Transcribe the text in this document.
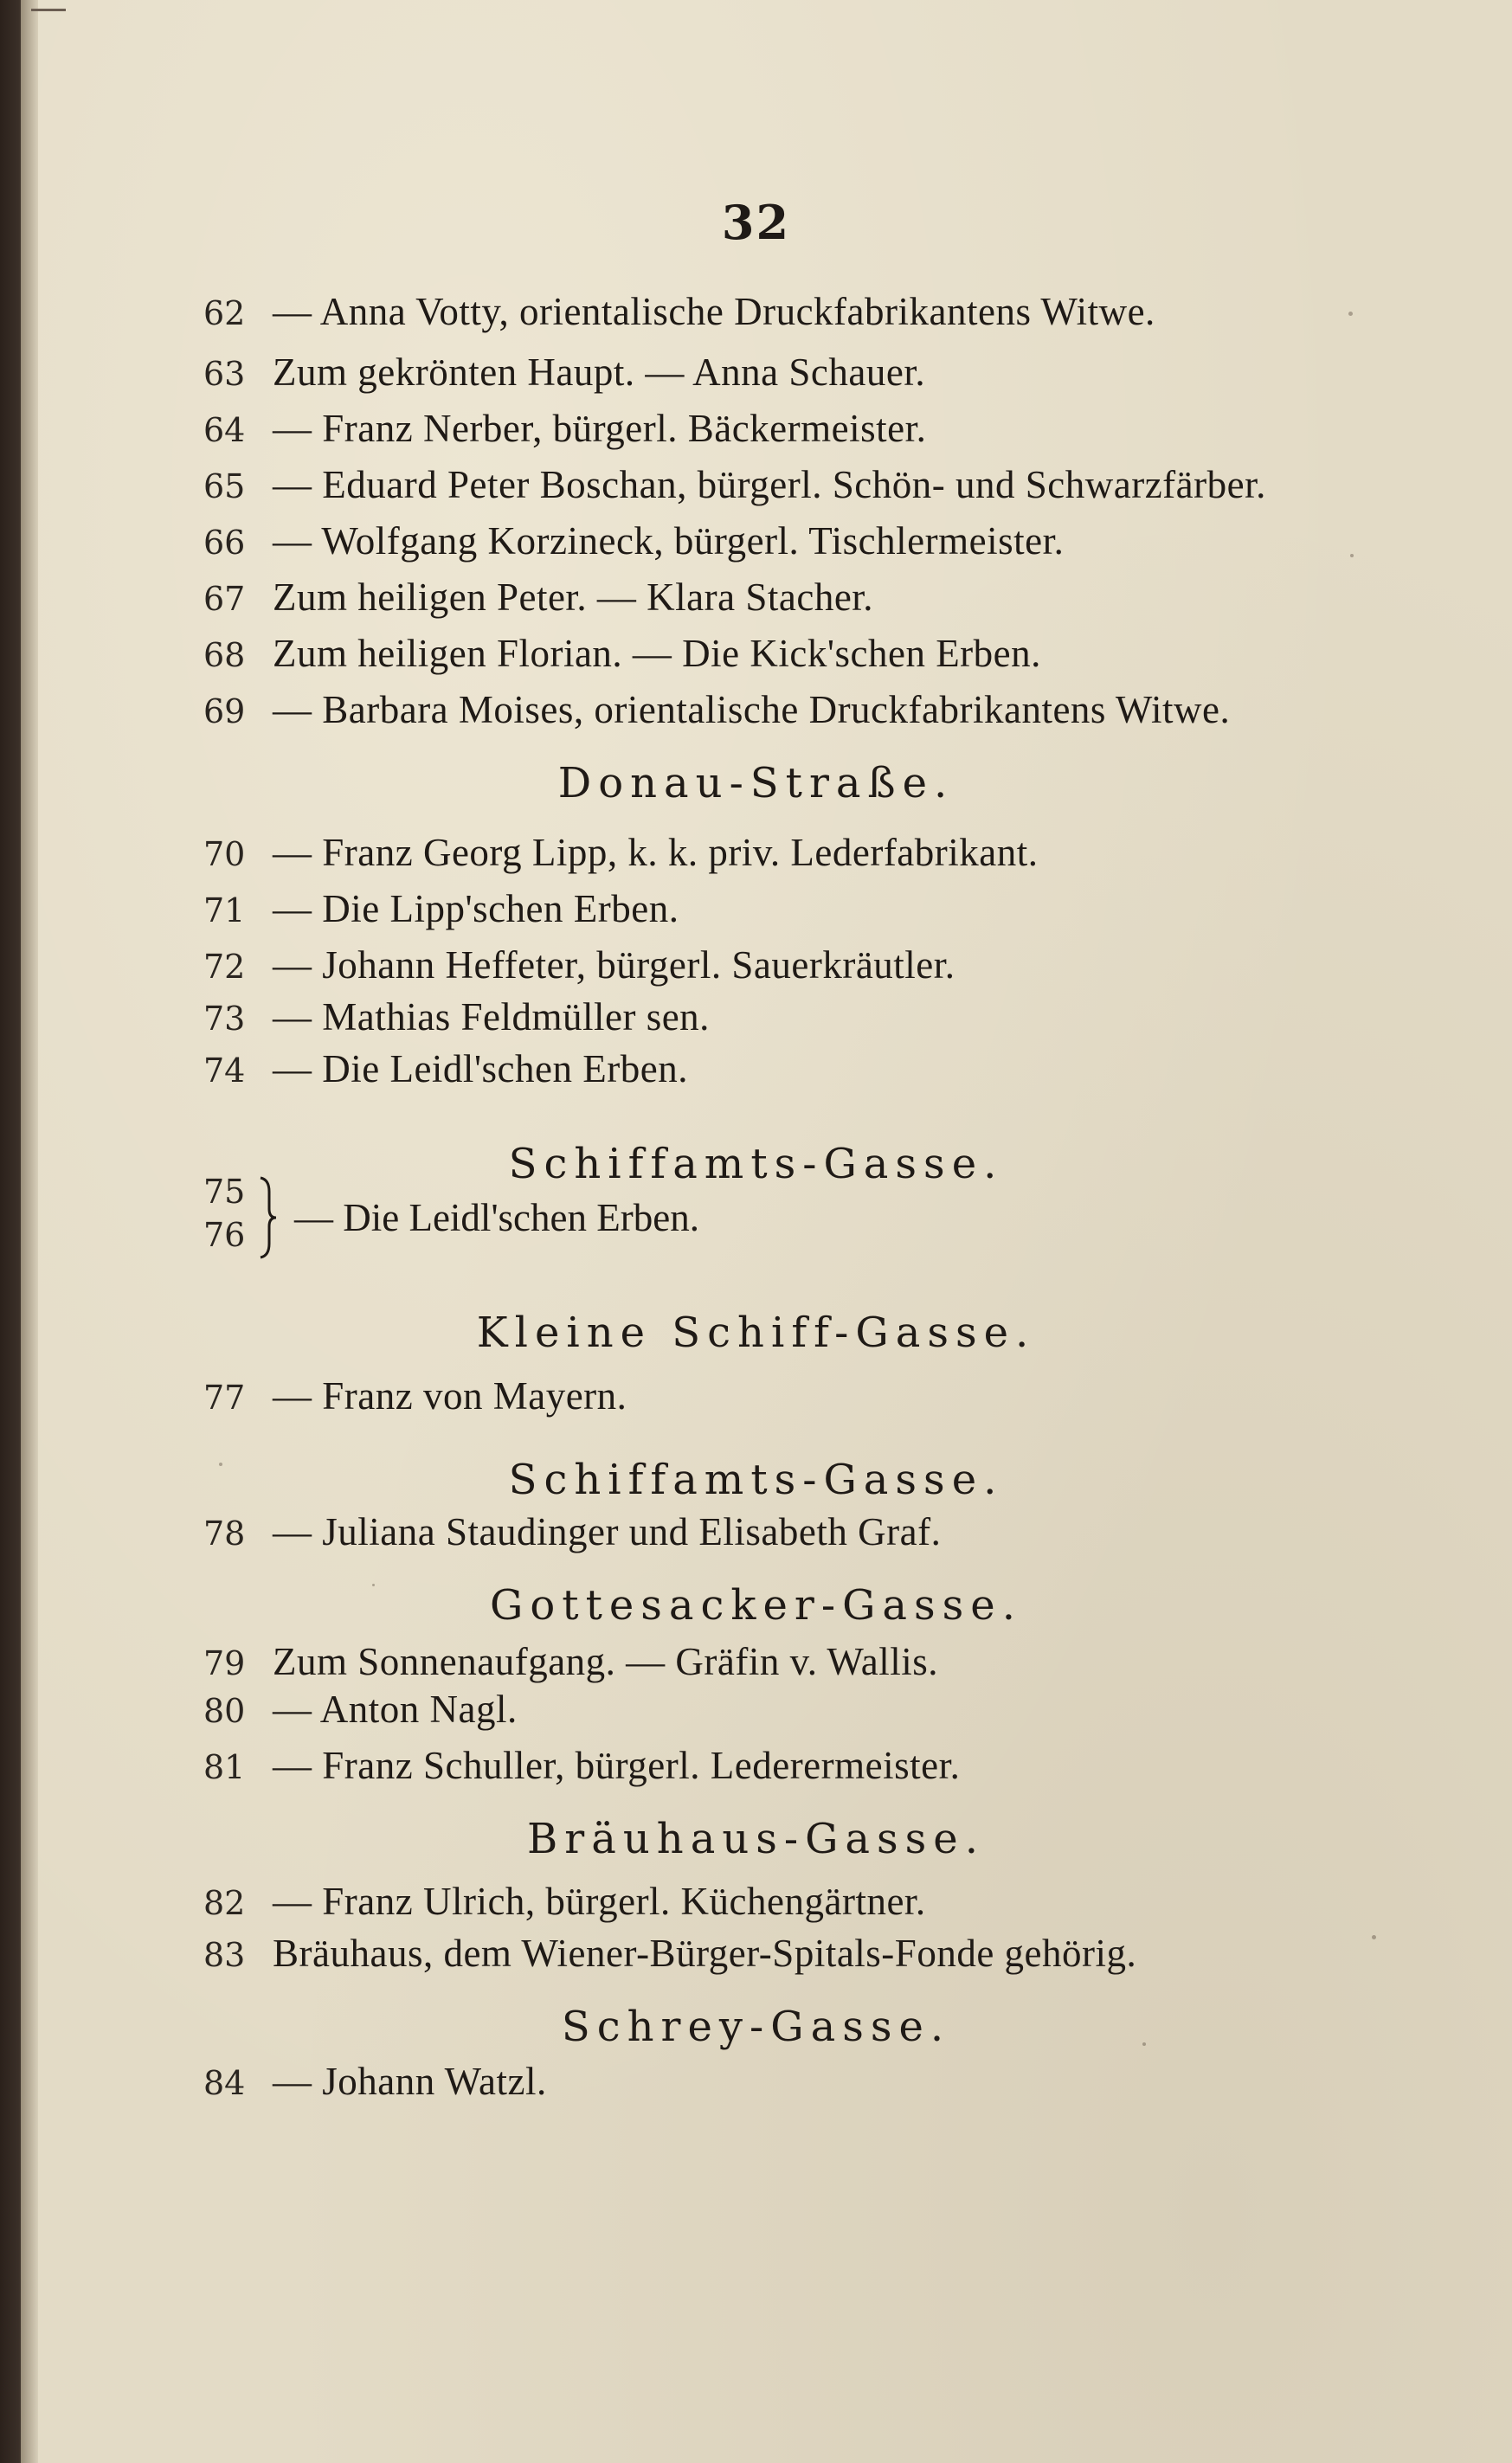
32
62 — Anna Votty, orientalische Druckfabrikantens Witwe.
63 Zum gekrönten Haupt. — Anna Schauer.
64 — Franz Nerber, bürgerl. Bäckermeister.
65 — Eduard Peter Boschan, bürgerl. Schön- und Schwarzfärber.
66 — Wolfgang Korzineck, bürgerl. Tischlermeister.
67 Zum heiligen Peter. — Klara Stacher.
68 Zum heiligen Florian. — Die Kick'schen Erben.
69 — Barbara Moises, orientalische Druckfabrikantens Witwe.
Donau-Straße.
70 — Franz Georg Lipp, k. k. priv. Lederfabrikant.
71 — Die Lipp'schen Erben.
72 — Johann Heffeter, bürgerl. Sauerkräutler.
73 — Mathias Feldmüller sen.
74 — Die Leidl'schen Erben.
Schiffamts-Gasse.
75
76 — Die Leidl'schen Erben.
Kleine Schiff-Gasse.
77 — Franz von Mayern.
Schiffamts-Gasse.
78 — Juliana Staudinger und Elisabeth Graf.
Gottesacker-Gasse.
79 Zum Sonnenaufgang. — Gräfin v. Wallis.
80 — Anton Nagl.
81 — Franz Schuller, bürgerl. Lederermeister.
Bräuhaus-Gasse.
82 — Franz Ulrich, bürgerl. Küchengärtner.
83 Bräuhaus, dem Wiener-Bürger-Spitals-Fonde gehörig.
Schrey-Gasse.
84 — Johann Watzl.
